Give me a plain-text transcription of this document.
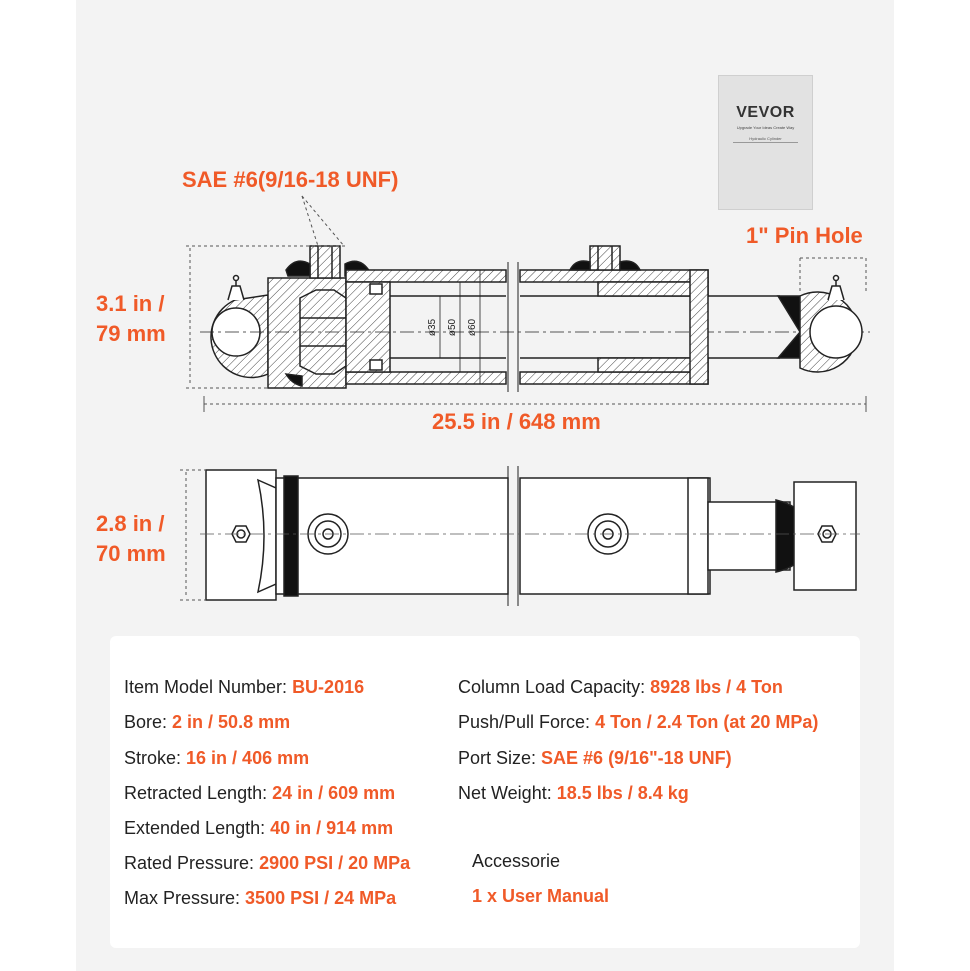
SAE #6(9/16-18 UNF)
1" Pin Hole
3.1 in /
79 mm
25.5 in / 648 mm
2.8 in /
70 mm
ø35 ø50 ø60
VEVOR
Upgrade Your Ideas Create Way
Hydraulic Cylinder
Item Model Number: BU-2016
Bore: 2 in / 50.8 mm
Stroke: 16 in / 406 mm
Retracted Length: 24 in / 609 mm
Extended Length: 40 in / 914 mm
Rated Pressure: 2900 PSI / 20 MPa
Max Pressure: 3500 PSI / 24 MPa
Column Load Capacity: 8928 lbs / 4 Ton
Push/Pull Force: 4 Ton / 2.4 Ton (at 20 MPa)
Port Size: SAE #6 (9/16"-18 UNF)
Net Weight: 18.5 lbs / 8.4 kg
Accessorie
1 x User Manual
